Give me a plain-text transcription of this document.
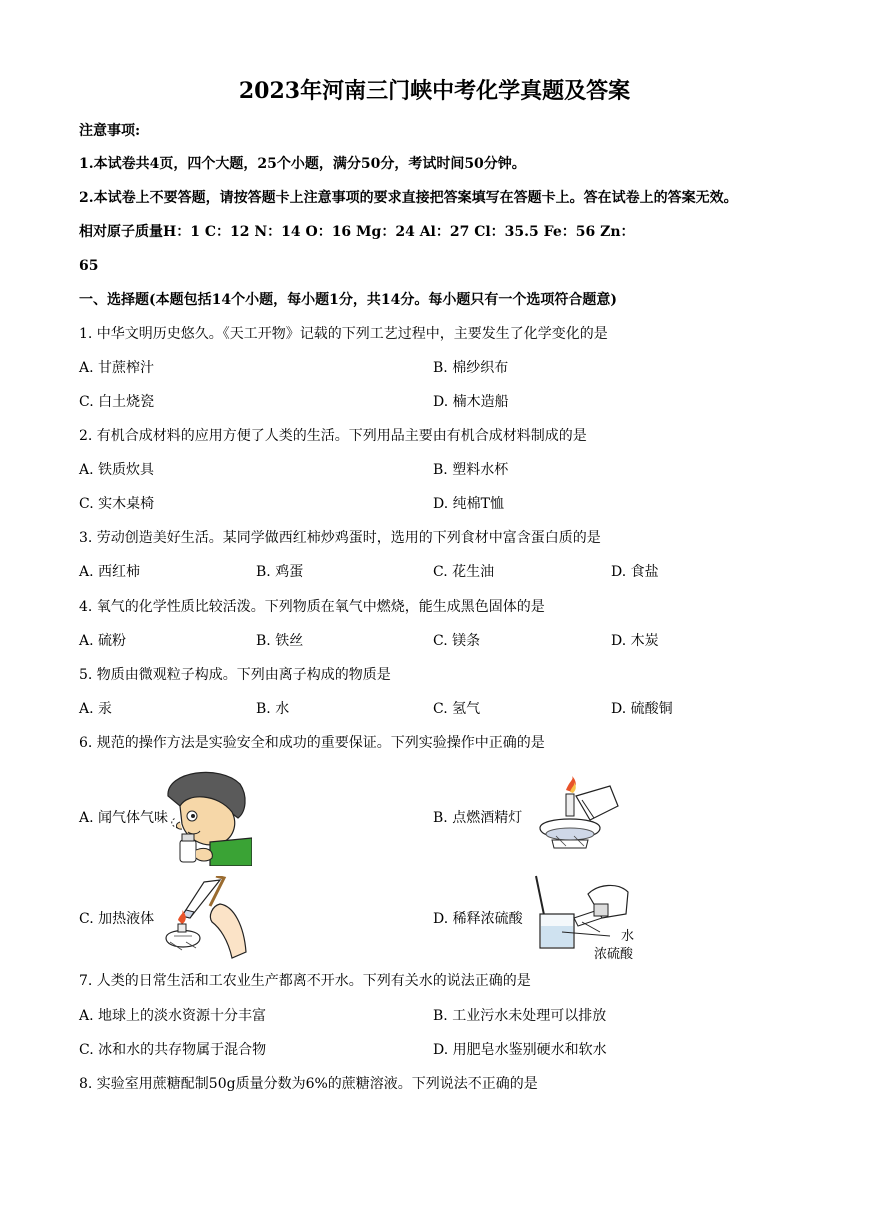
2023年河南三门峡中考化学真题及答案
注意事项:
1.本试卷共4页，四个大题，25个小题，满分50分，考试时间50分钟。
2.本试卷上不要答题，请按答题卡上注意事项的要求直接把答案填写在答题卡上。答在试卷上的答案无效。
相对原子质量H：1 C：12 N：14 O：16 Mg：24 Al：27 Cl：35.5 Fe：56 Zn：
65
一、选择题(本题包括14个小题，每小题1分，共14分。每小题只有一个选项符合题意)
1. 中华文明历史悠久。《天工开物》记载的下列工艺过程中，主要发生了化学变化的是
A. 甘蔗榨汁	B. 棉纱织布
C. 白土烧瓷	D. 楠木造船
2. 有机合成材料的应用方便了人类的生活。下列用品主要由有机合成材料制成的是
A. 铁质炊具	B. 塑料水杯
C. 实木桌椅	D. 纯棉T恤
3. 劳动创造美好生活。某同学做西红柿炒鸡蛋时，选用的下列食材中富含蛋白质的是
A. 西红柿	B. 鸡蛋	C. 花生油	D. 食盐
4. 氧气的化学性质比较活泼。下列物质在氧气中燃烧，能生成黑色固体的是
A. 硫粉	B. 铁丝	C. 镁条	D. 木炭
5. 物质由微观粒子构成。下列由离子构成的物质是
A. 汞	B. 水	C. 氢气	D. 硫酸铜
6. 规范的操作方法是实验安全和成功的重要保证。下列实验操作中正确的是
A. 闻气体气味	B. 点燃酒精灯
C. 加热液体	D. 稀释浓硫酸
水
浓硫酸
7. 人类的日常生活和工农业生产都离不开水。下列有关水的说法正确的是
A. 地球上的淡水资源十分丰富	B. 工业污水未处理可以排放
C. 冰和水的共存物属于混合物	D. 用肥皂水鉴别硬水和软水
8. 实验室用蔗糖配制50g质量分数为6%的蔗糖溶液。下列说法不正确的是
